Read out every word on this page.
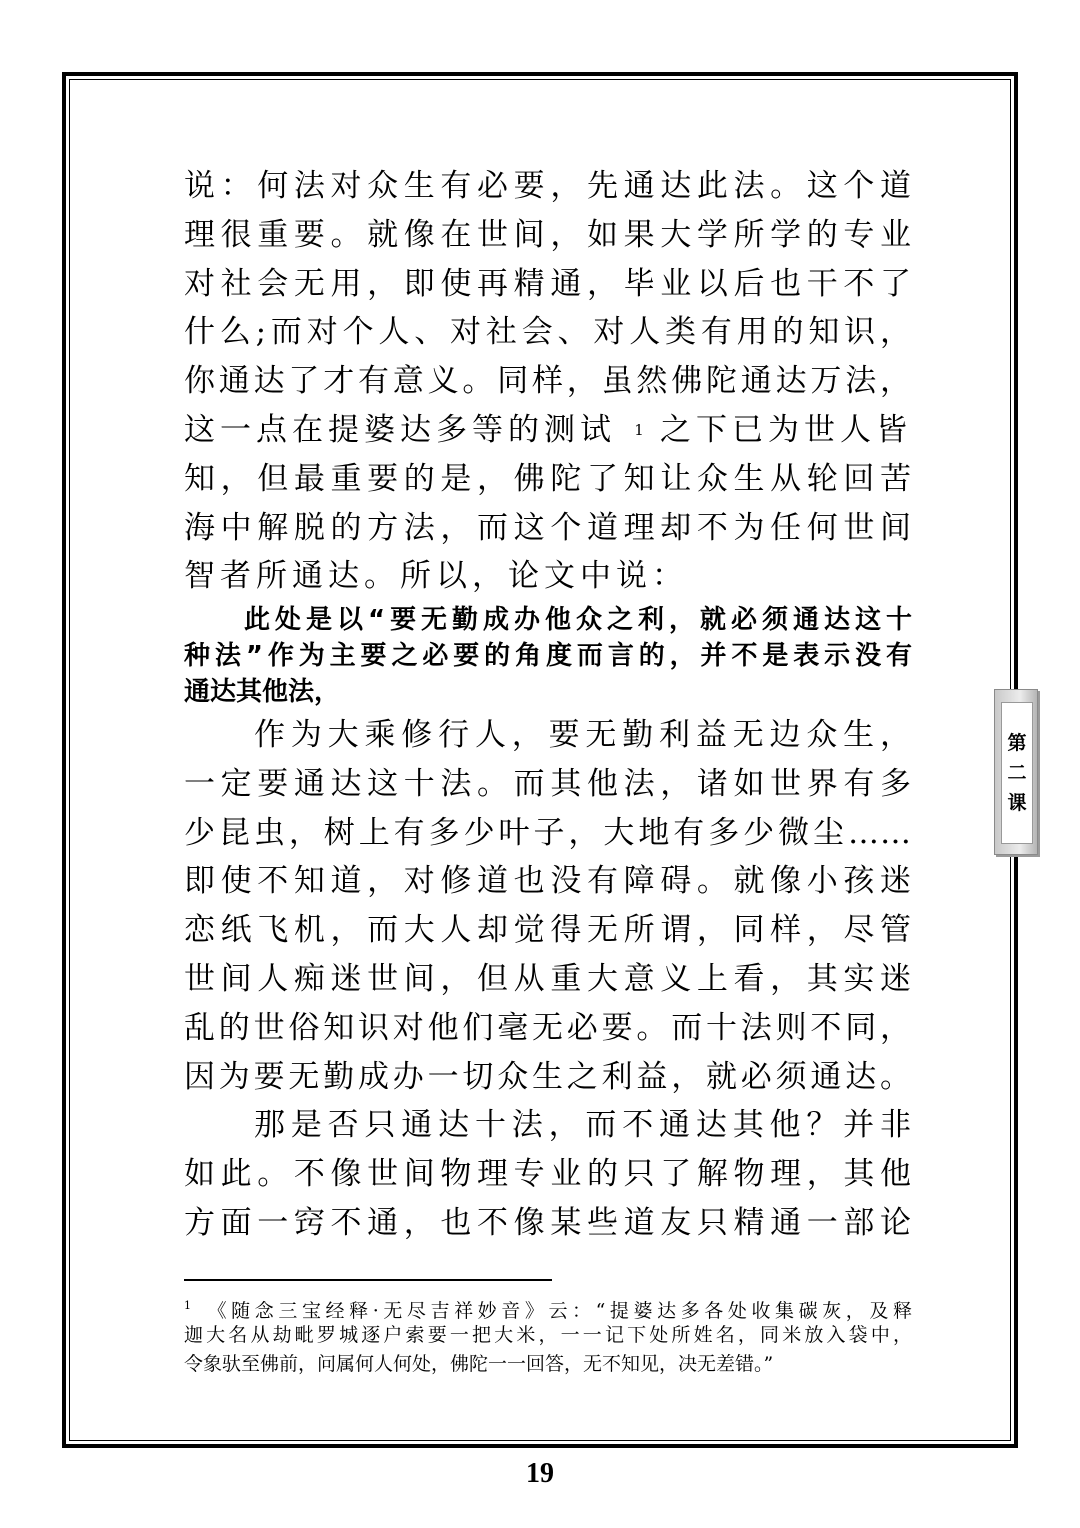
说：何法对众生有必要，先通达此法。这个道
理很重要。就像在世间，如果大学所学的专业
对社会无用，即使再精通，毕业以后也干不了
什么;而对个人、对社会、对人类有用的知识，
你通达了才有意义。同样，虽然佛陀通达万法，
这一点在提婆达多等的测试 1 之下已为世人皆
知，但最重要的是，佛陀了知让众生从轮回苦
海中解脱的方法，而这个道理却不为任何世间
智者所通达。所以，论文中说：
此处是以“要无勤成办他众之利，就必须通达这十
种法”作为主要之必要的角度而言的，并不是表示没有
通达其他法，
作为大乘修行人，要无勤利益无边众生，
一定要通达这十法。而其他法，诸如世界有多
少昆虫，树上有多少叶子，大地有多少微尘……
即使不知道，对修道也没有障碍。就像小孩迷
恋纸飞机，而大人却觉得无所谓，同样，尽管
世间人痴迷世间，但从重大意义上看，其实迷
乱的世俗知识对他们毫无必要。而十法则不同，
因为要无勤成办一切众生之利益，就必须通达。
那是否只通达十法，而不通达其他？并非
如此。不像世间物理专业的只了解物理，其他
方面一窍不通，也不像某些道友只精通一部论
$^1$ 《随念三宝经释·无尽吉祥妙音》云：“提婆达多各处收集碳灰，及释
迦大名从劫毗罗城逐户索要一把大米，一一记下处所姓名，同米放入袋中，
令象驮至佛前，问属何人何处，佛陀一一回答，无不知见，决无差错。”
第
二
课
19
